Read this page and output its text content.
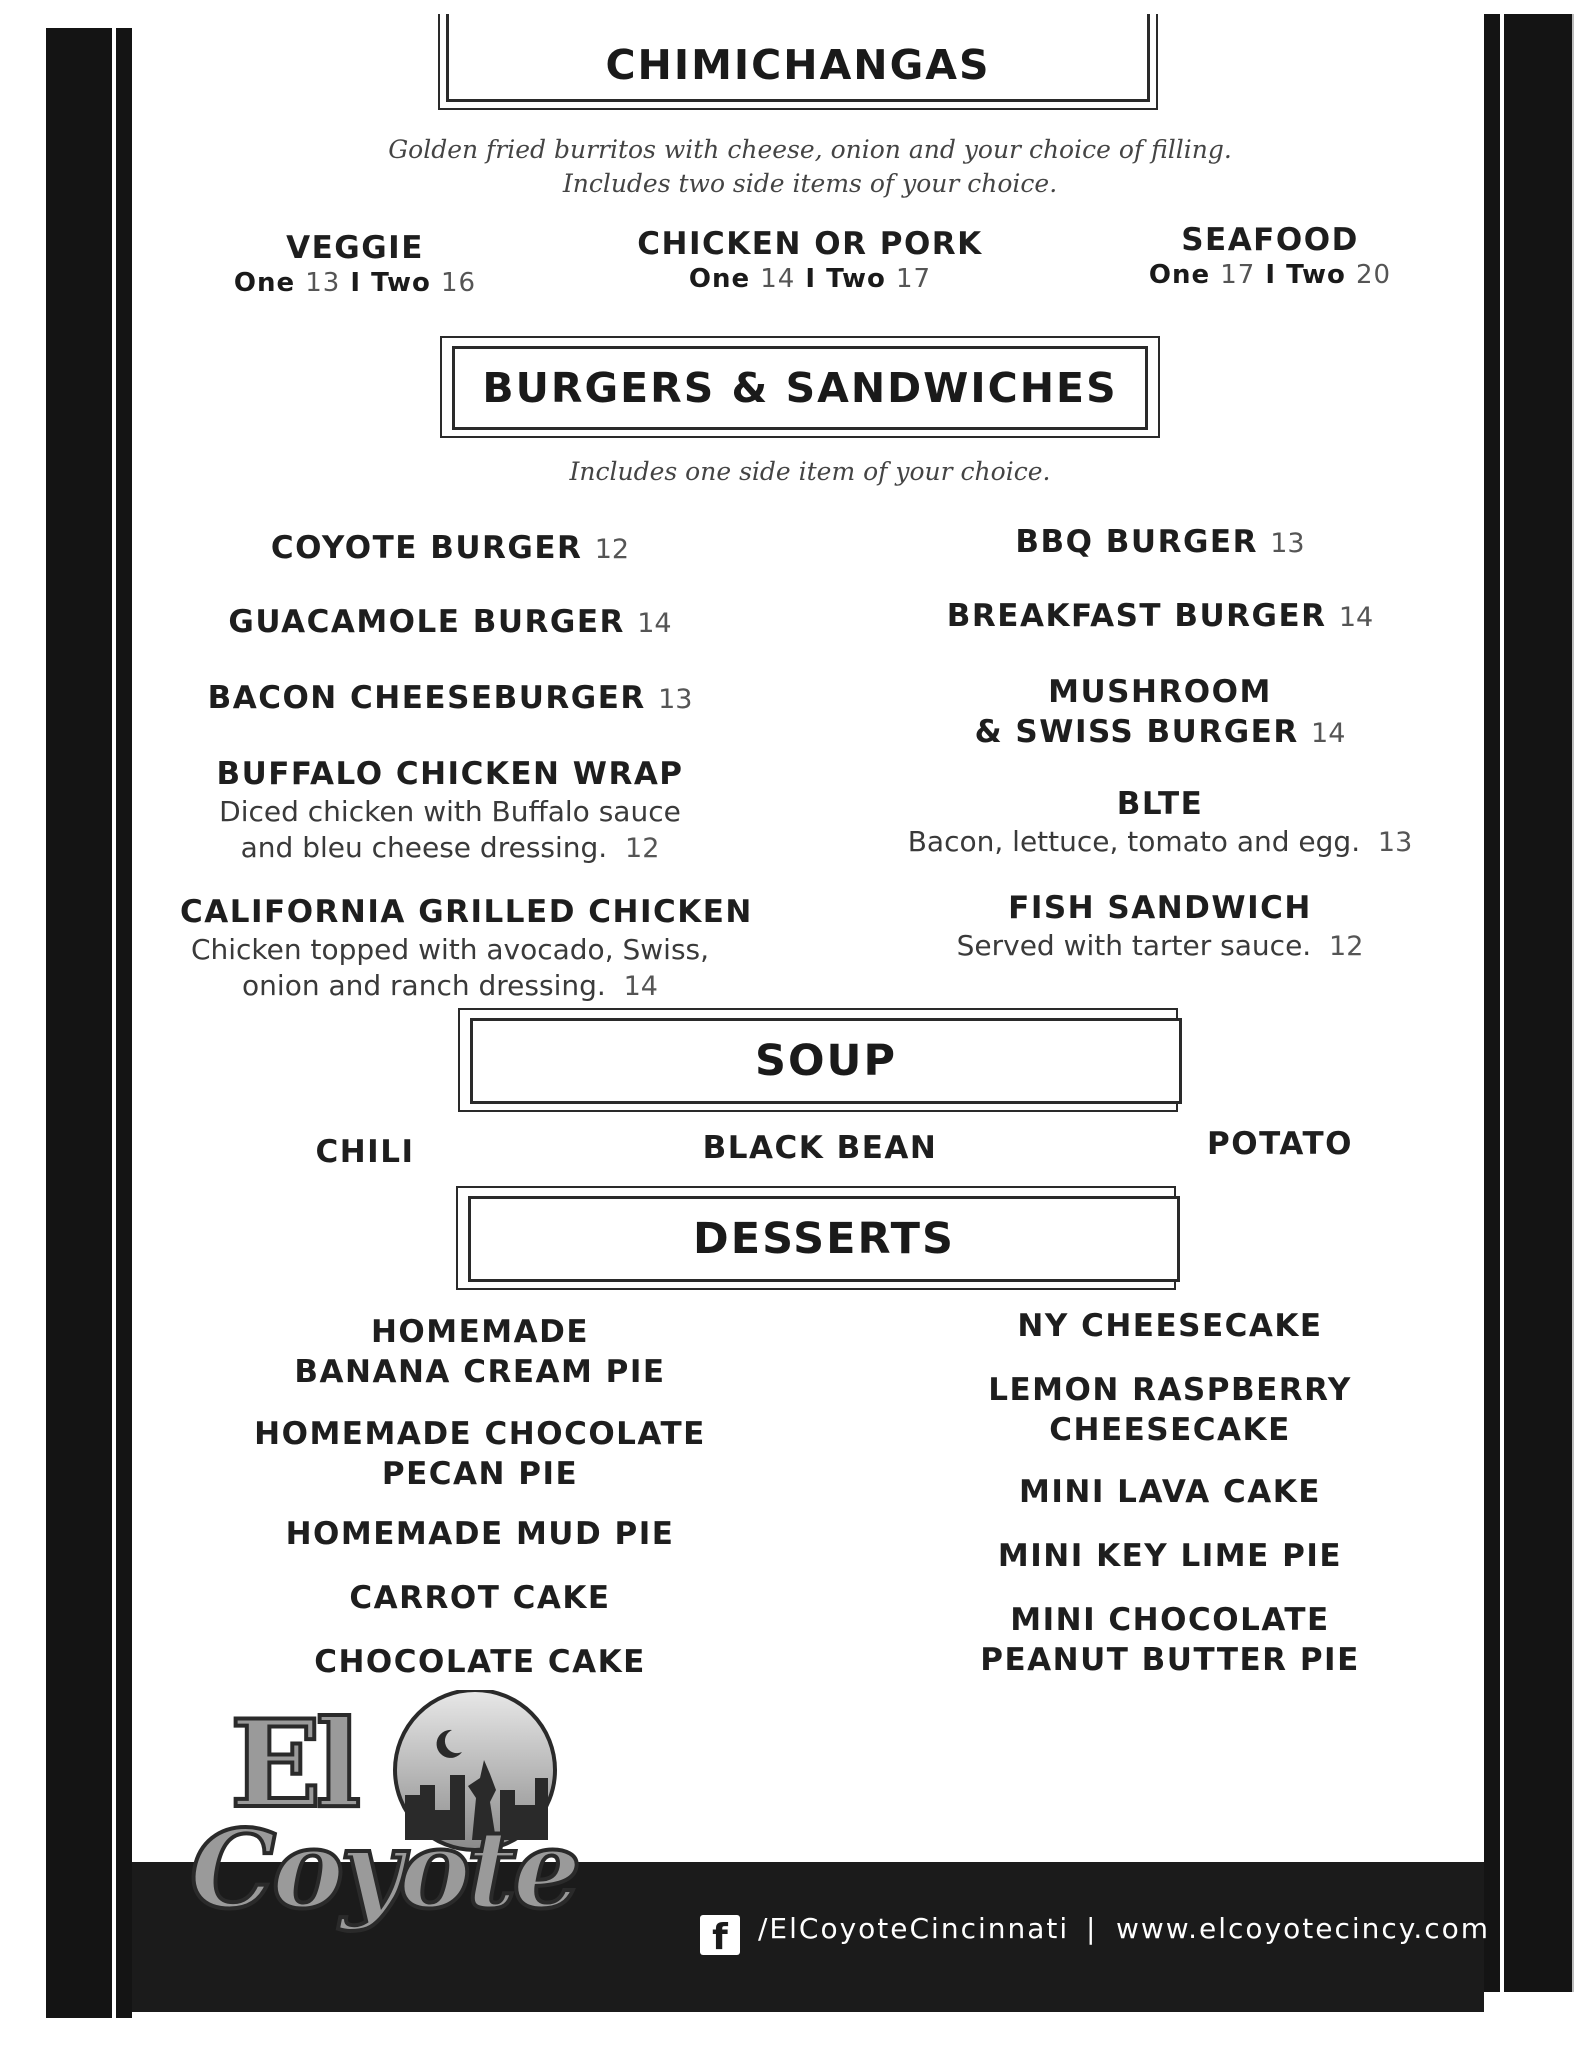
CHIMICHANGAS
Golden fried burritos with cheese, onion and your choice of filling.
Includes two side items of your choice.
VEGGIE
One 13 I Two 16
CHICKEN OR PORK
One 14 I Two 17
SEAFOOD
One 17 I Two 20
BURGERS & SANDWICHES
Includes one side item of your choice.
COYOTE BURGER 12
GUACAMOLE BURGER 14
BACON CHEESEBURGER 13
BUFFALO CHICKEN WRAP
Diced chicken with Buffalo sauce
and bleu cheese dressing. 12
CALIFORNIA GRILLED CHICKEN
Chicken topped with avocado, Swiss,
onion and ranch dressing. 14
BBQ BURGER 13
BREAKFAST BURGER 14
MUSHROOM
& SWISS BURGER 14
BLTE
Bacon, lettuce, tomato and egg. 13
FISH SANDWICH
Served with tarter sauce. 12
SOUP
CHILI	BLACK BEAN	POTATO
DESSERTS
HOMEMADE
BANANA CREAM PIE
HOMEMADE CHOCOLATE
PECAN PIE
HOMEMADE MUD PIE
CARROT CAKE
CHOCOLATE CAKE
NY CHEESECAKE
LEMON RASPBERRY
CHEESECAKE
MINI LAVA CAKE
MINI KEY LIME PIE
MINI CHOCOLATE
PEANUT BUTTER PIE
El
Coyote
f	/ElCoyoteCincinnati | www.elcoyotecincy.com
